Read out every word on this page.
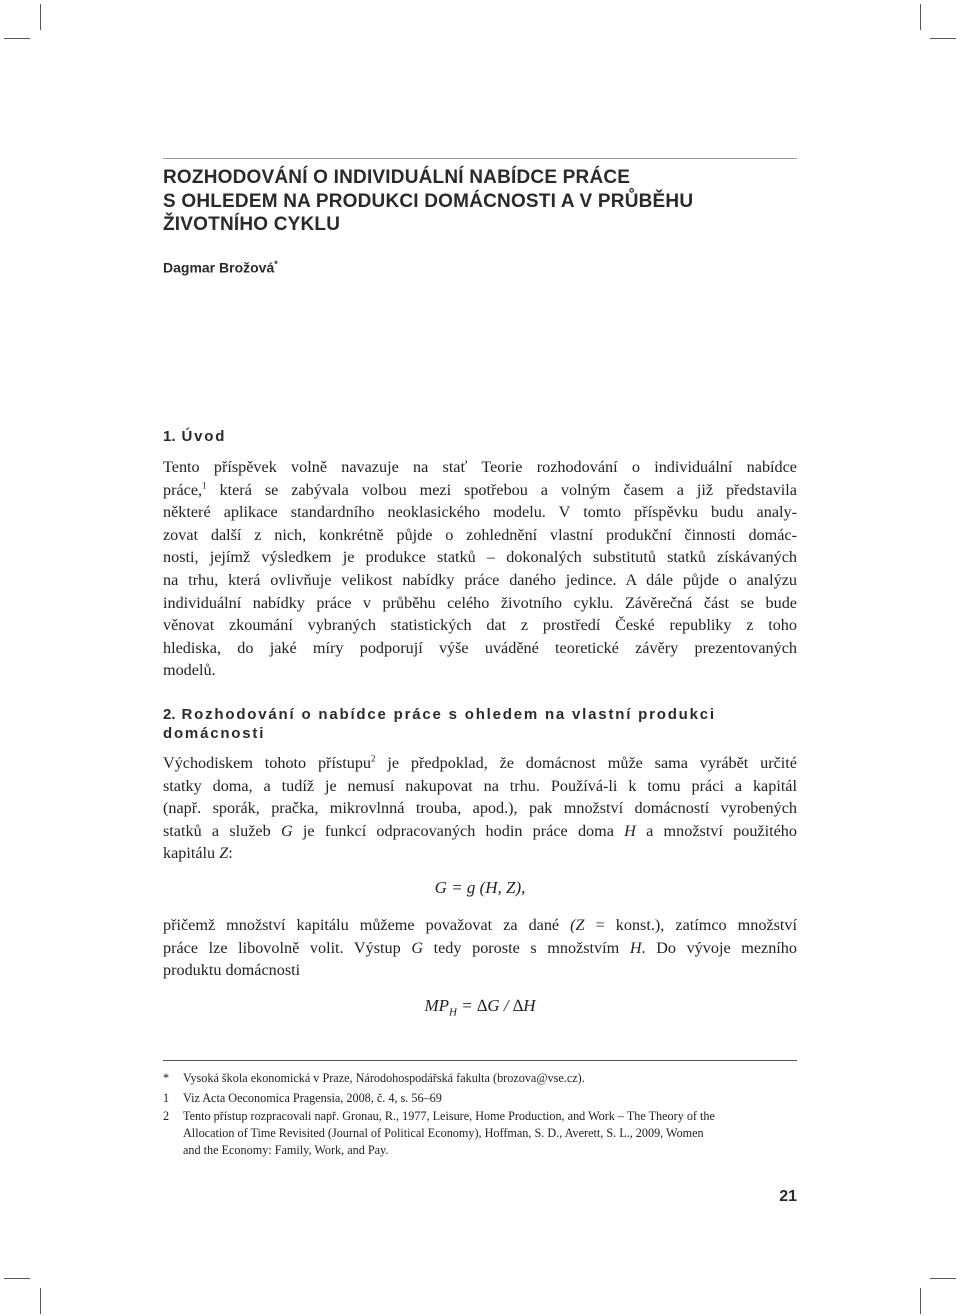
ROZHODOVÁNÍ O INDIVIDUÁLNÍ NABÍDCE PRÁCE
S OHLEDEM NA PRODUKCI DOMÁCNOSTI A V PRŮBĚHU
ŽIVOTNÍHO CYKLU
Dagmar Brožová*
1. Úvod
Tento příspěvek volně navazuje na stať Teorie rozhodování o individuální nabídce
práce,$^1$ která se zabývala volbou mezi spotřebou a volným časem a již představila
některé aplikace standardního neoklasického modelu. V tomto příspěvku budu analy-
zovat další z nich, konkrétně půjde o zohlednění vlastní produkční činnosti domác-
nosti, jejímž výsledkem je produkce statků – dokonalých substitutů statků získávaných
na trhu, která ovlivňuje velikost nabídky práce daného jedince. A dále půjde o analýzu
individuální nabídky práce v průběhu celého životního cyklu. Závěrečná část se bude
věnovat zkoumání vybraných statistických dat z prostředí České republiky z toho
hlediska, do jaké míry podporují výše uváděné teoretické závěry prezentovaných
modelů.
2. Rozhodování o nabídce práce s ohledem na vlastní produkci
domácnosti
Východiskem tohoto přístupu$^2$ je předpoklad, že domácnost může sama vyrábět určité
statky doma, a tudíž je nemusí nakupovat na trhu. Používá-li k tomu práci a kapitál
(např. sporák, pračka, mikrovlnná trouba, apod.), pak množství domácností vyrobených
statků a služeb G je funkcí odpracovaných hodin práce doma H a množství použitého
kapitálu Z:
G = g (H, Z),
přičemž množství kapitálu můžeme považovat za dané (Z = konst.), zatímco množství
práce lze libovolně volit. Výstup G tedy poroste s množstvím H. Do vývoje mezního
produktu domácnosti
$MP_H = \Delta G / \Delta H$
*	Vysoká škola ekonomická v Praze, Národohospodářská fakulta (brozova@vse.cz).
1	Viz Acta Oeconomica Pragensia, 2008, č. 4, s. 56–69
2	Tento přístup rozpracovali např. Gronau, R., 1977, Leisure, Home Production, and Work – The Theory of the
Allocation of Time Revisited (Journal of Political Economy), Hoffman, S. D., Averett, S. L., 2009, Women
and the Economy: Family, Work, and Pay.
21
